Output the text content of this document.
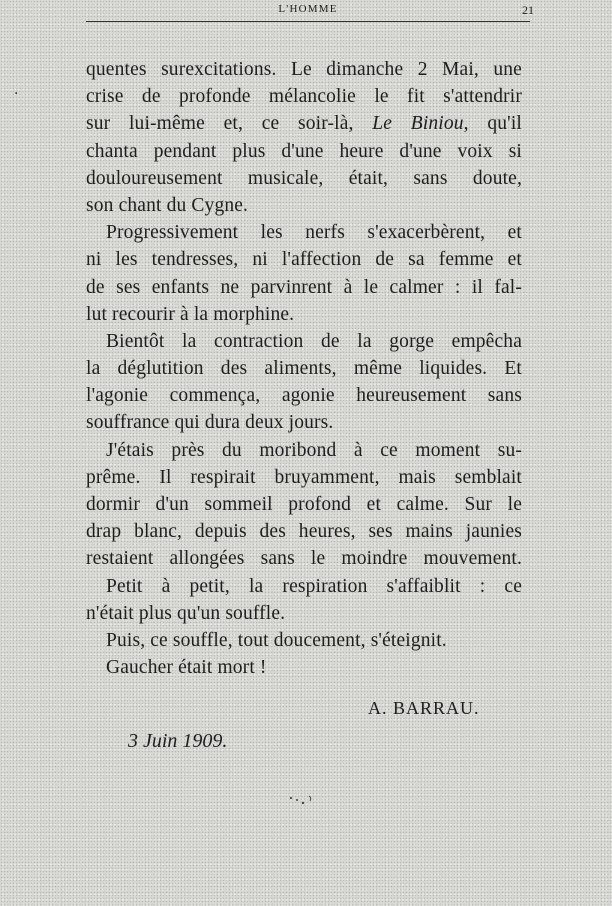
L'HOMME	21
·
quentes surexcitations. Le dimanche 2 Mai, une
crise de profonde mélancolie le fit s'attendrir
sur lui-même et, ce soir-là, Le Biniou, qu'il
chanta pendant plus d'une heure d'une voix si
douloureusement musicale, était, sans doute,
son chant du Cygne.
Progressivement les nerfs s'exacerbèrent, et
ni les tendresses, ni l'affection de sa femme et
de ses enfants ne parvinrent à le calmer : il fal-
lut recourir à la morphine.
Bientôt la contraction de la gorge empêcha
la déglutition des aliments, même liquides. Et
l'agonie commença, agonie heureusement sans
souffrance qui dura deux jours.
J'étais près du moribond à ce moment su-
prême. Il respirait bruyamment, mais semblait
dormir d'un sommeil profond et calme. Sur le
drap blanc, depuis des heures, ses mains jaunies
restaient allongées sans le moindre mouvement.
Petit à petit, la respiration s'affaiblit : ce
n'était plus qu'un souffle.
Puis, ce souffle, tout doucement, s'éteignit.
Gaucher était mort !
A. BARRAU.
3 Juin 1909.
